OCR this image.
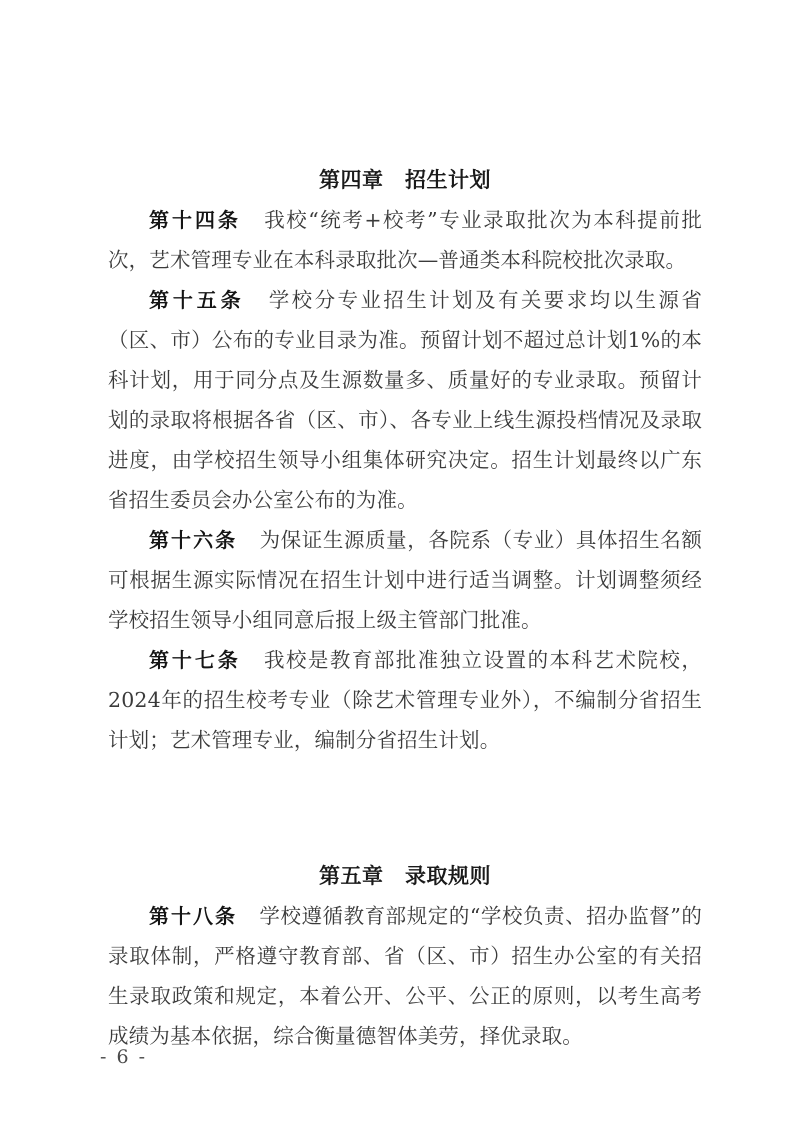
第四章　招生计划

第十四条 我校“统考+校考”专业录取批次为本科提前批次，艺术管理专业在本科录取批次—普通类本科院校批次录取。

第十五条 学校分专业招生计划及有关要求均以生源省（区、市）公布的专业目录为准。预留计划不超过总计划1%的本科计划，用于同分点及生源数量多、质量好的专业录取。预留计划的录取将根据各省（区、市）、各专业上线生源投档情况及录取进度，由学校招生领导小组集体研究决定。招生计划最终以广东省招生委员会办公室公布的为准。

第十六条 为保证生源质量，各院系（专业）具体招生名额可根据生源实际情况在招生计划中进行适当调整。计划调整须经学校招生领导小组同意后报上级主管部门批准。

第十七条 我校是教育部批准独立设置的本科艺术院校，2024年的招生校考专业（除艺术管理专业外），不编制分省招生计划；艺术管理专业，编制分省招生计划。

第五章　录取规则

第十八条 学校遵循教育部规定的“学校负责、招办监督”的录取体制，严格遵守教育部、省（区、市）招生办公室的有关招生录取政策和规定，本着公开、公平、公正的原则，以考生高考成绩为基本依据，综合衡量德智体美劳，择优录取。

- 6 -
